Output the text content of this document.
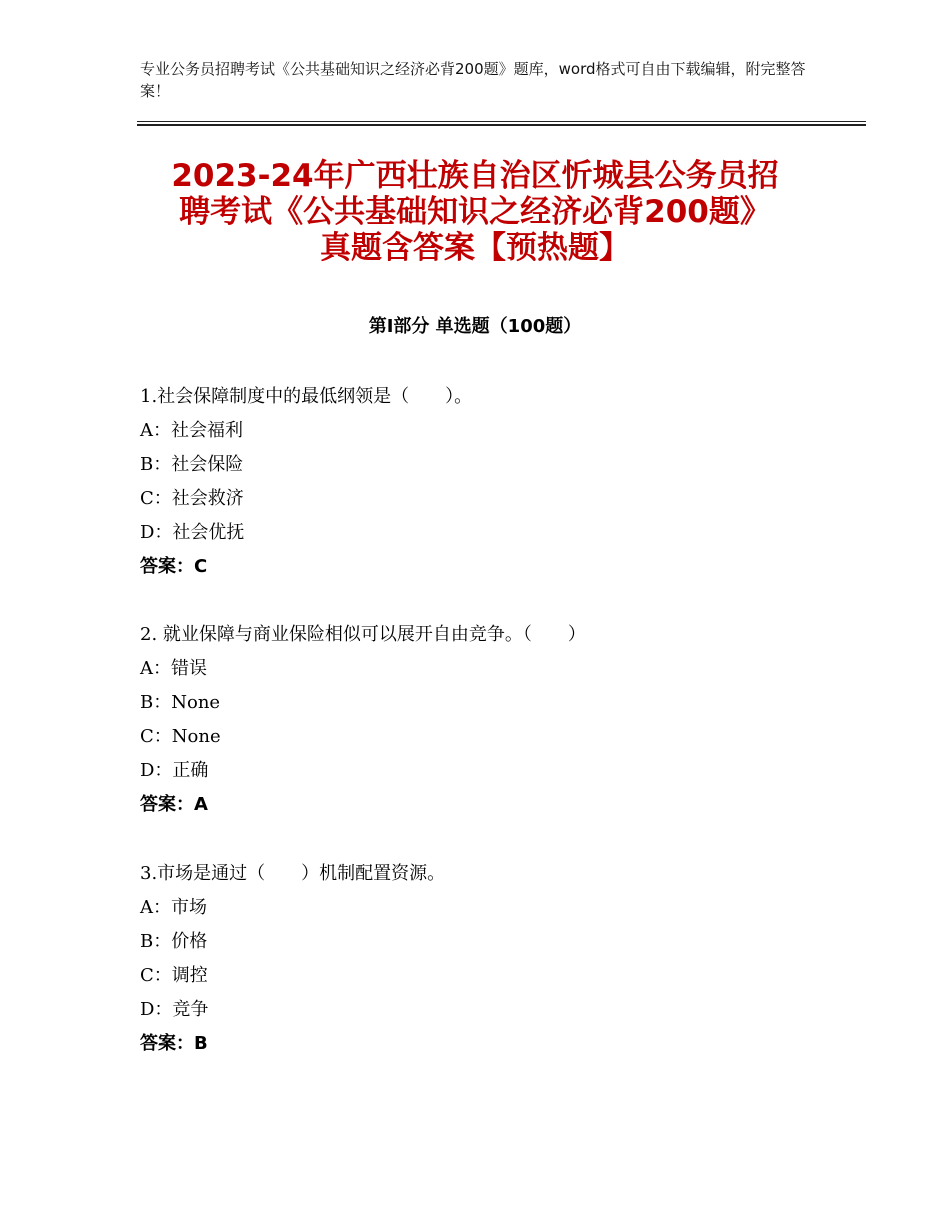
专业公务员招聘考试《公共基础知识之经济必背200题》题库，word格式可自由下载编辑，附完整答案！
2023-24年广西壮族自治区忻城县公务员招
聘考试《公共基础知识之经济必背200题》
真题含答案【预热题】
第Ⅰ部分 单选题（100题）
1.社会保障制度中的最低纲领是（　　）。
A：社会福利
B：社会保险
C：社会救济
D：社会优抚
答案：C
2. 就业保障与商业保险相似可以展开自由竞争。（　　）
A：错误
B：None
C：None
D：正确
答案：A
3.市场是通过（　　）机制配置资源。
A：市场
B：价格
C：调控
D：竞争
答案：B
